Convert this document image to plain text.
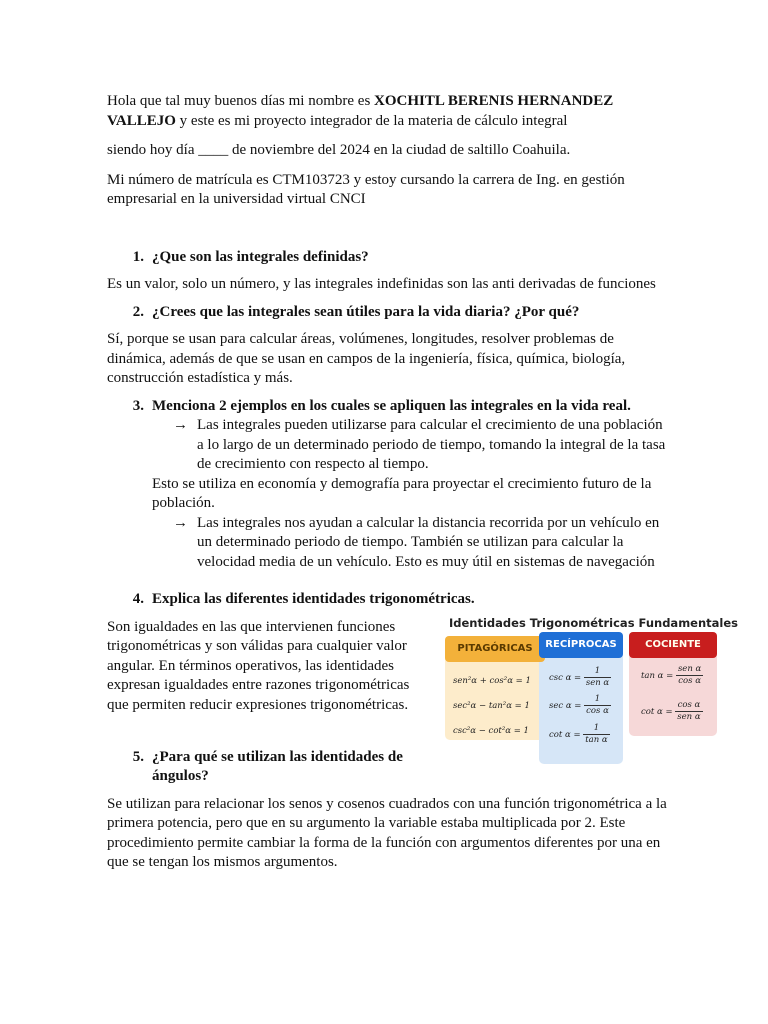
Hola que tal muy buenos días mi nombre es XOCHITL BERENIS HERNANDEZ VALLEJO y este es mi proyecto integrador de la materia de cálculo integral

siendo hoy día ____ de noviembre del 2024 en la ciudad de saltillo Coahuila.

Mi número de matrícula es CTM103723 y estoy cursando la carrera de Ing. en gestión empresarial en la universidad virtual CNCI

1. ¿Que son las integrales definidas?

Es un valor, solo un número, y las integrales indefinidas son las anti derivadas de funciones

2. ¿Crees que las integrales sean útiles para la vida diaria? ¿Por qué?

Sí, porque se usan para calcular áreas, volúmenes, longitudes, resolver problemas de dinámica, además de que se usan en campos de la ingeniería, física, química, biología, construcción estadística y más.

3. Menciona 2 ejemplos en los cuales se apliquen las integrales en la vida real.
→ Las integrales pueden utilizarse para calcular el crecimiento de una población a lo largo de un determinado periodo de tiempo, tomando la integral de la tasa de crecimiento con respecto al tiempo.

Esto se utiliza en economía y demografía para proyectar el crecimiento futuro de la población.

→ Las integrales nos ayudan a calcular la distancia recorrida por un vehículo en un determinado periodo de tiempo. También se utilizan para calcular la velocidad media de un vehículo. Esto es muy útil en sistemas de navegación
4. Explica las diferentes identidades trigonométricas.

Son igualdades en las que intervienen funciones trigonométricas y son válidas para cualquier valor angular. En términos operativos, las identidades expresan igualdades entre razones trigonométricas que permiten reducir expresiones trigonométricas.

Identidades Trigonométricas Fundamentales
PITAGÓRICAS	RECÍPROCAS	COCIENTE
sen²α + cos²α = 1
sec²α − tan²α = 1
csc²α − cot²α = 1
$\csc \alpha = \frac{1}{\text{sen α}}$
$\sec \alpha = \frac{1}{\text{cos α}}$
$\cot \alpha = \frac{1}{\text{tan α}}$
$\tan \alpha = \frac{\text{sen α}}{\text{cos α}}$
$\cot \alpha = \frac{\text{cos α}}{\text{sen α}}$
5. ¿Para qué se utilizan las identidades de ángulos?

Se utilizan para relacionar los senos y cosenos cuadrados con una función trigonométrica a la primera potencia, pero que en su argumento la variable estaba multiplicada por 2. Este procedimiento permite cambiar la forma de la función con argumentos diferentes por una en que se tengan los mismos argumentos.
